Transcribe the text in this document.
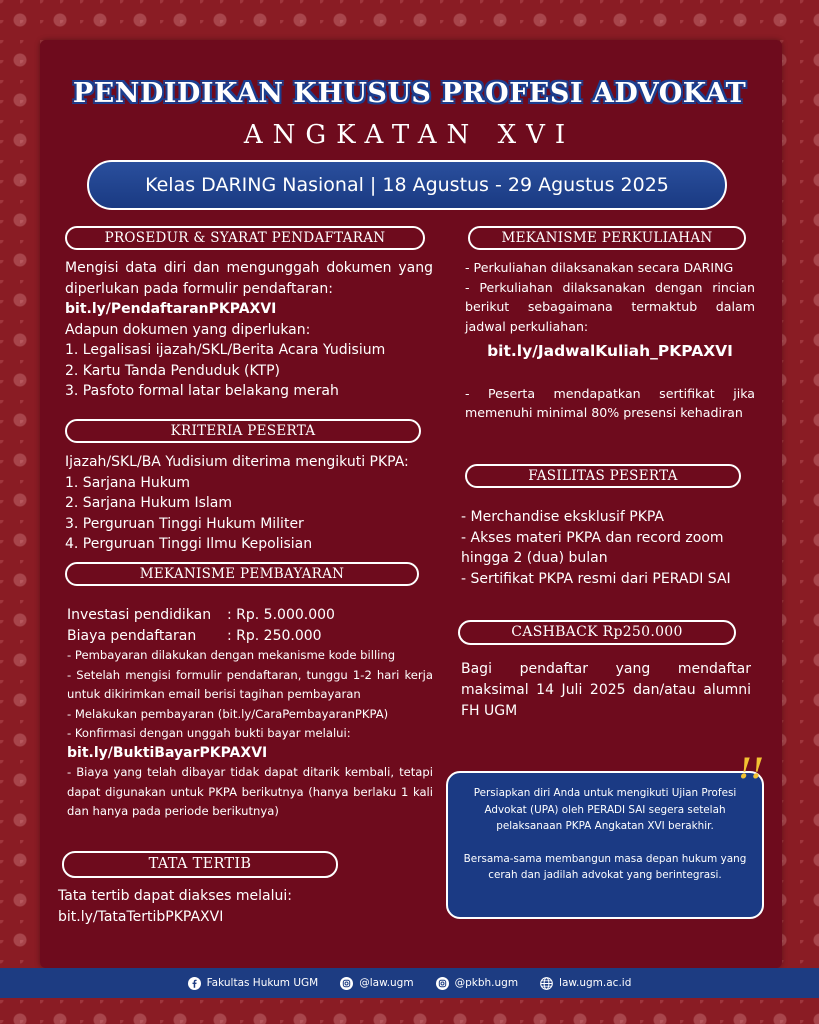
PENDIDIKAN KHUSUS PROFESI ADVOKAT
ANGKATAN XVI
Kelas DARING Nasional | 18 Agustus - 29 Agustus 2025
PROSEDUR & SYARAT PENDAFTARAN
Mengisi data diri dan mengunggah dokumen yang diperlukan pada formulir pendaftaran:
bit.ly/PendaftaranPKPAXVI
Adapun dokumen yang diperlukan:
1. Legalisasi ijazah/SKL/Berita Acara Yudisium
2. Kartu Tanda Penduduk (KTP)
3. Pasfoto formal latar belakang merah
KRITERIA PESERTA
Ijazah/SKL/BA Yudisium diterima mengikuti PKPA:
1. Sarjana Hukum
2. Sarjana Hukum Islam
3. Perguruan Tinggi Hukum Militer
4. Perguruan Tinggi Ilmu Kepolisian
MEKANISME PEMBAYARAN
Investasi pendidikan	: Rp. 5.000.000
Biaya pendaftaran	: Rp. 250.000
- Pembayaran dilakukan dengan mekanisme kode billing
- Setelah mengisi formulir pendaftaran, tunggu 1-2 hari kerja untuk dikirimkan email berisi tagihan pembayaran
- Melakukan pembayaran (bit.ly/CaraPembayaranPKPA)
- Konfirmasi dengan unggah bukti bayar melalui:
bit.ly/BuktiBayarPKPAXVI
- Biaya yang telah dibayar tidak dapat ditarik kembali, tetapi dapat digunakan untuk PKPA berikutnya (hanya berlaku 1 kali dan hanya pada periode berikutnya)
TATA TERTIB
Tata tertib dapat diakses melalui:
bit.ly/TataTertibPKPAXVI
MEKANISME PERKULIAHAN
- Perkuliahan dilaksanakan secara DARING
- Perkuliahan dilaksanakan dengan rincian berikut sebagaimana termaktub dalam jadwal perkuliahan:
bit.ly/JadwalKuliah_PKPAXVI
- Peserta mendapatkan sertifikat jika memenuhi minimal 80% presensi kehadiran
FASILITAS PESERTA
- Merchandise eksklusif PKPA
- Akses materi PKPA dan record zoom hingga 2 (dua) bulan
- Sertifikat PKPA resmi dari PERADI SAI
CASHBACK Rp250.000
Bagi pendaftar yang mendaftar maksimal 14 Juli 2025 dan/atau alumni FH UGM

Persiapkan diri Anda untuk mengikuti Ujian Profesi Advokat (UPA) oleh PERADI SAI segera setelah pelaksanaan PKPA Angkatan XVI berakhir.

Bersama-sama membangun masa depan hukum yang cerah dan jadilah advokat yang berintegrasi.

!!
Fakultas Hukum UGM	@law.ugm	@pkbh.ugm	law.ugm.ac.id
